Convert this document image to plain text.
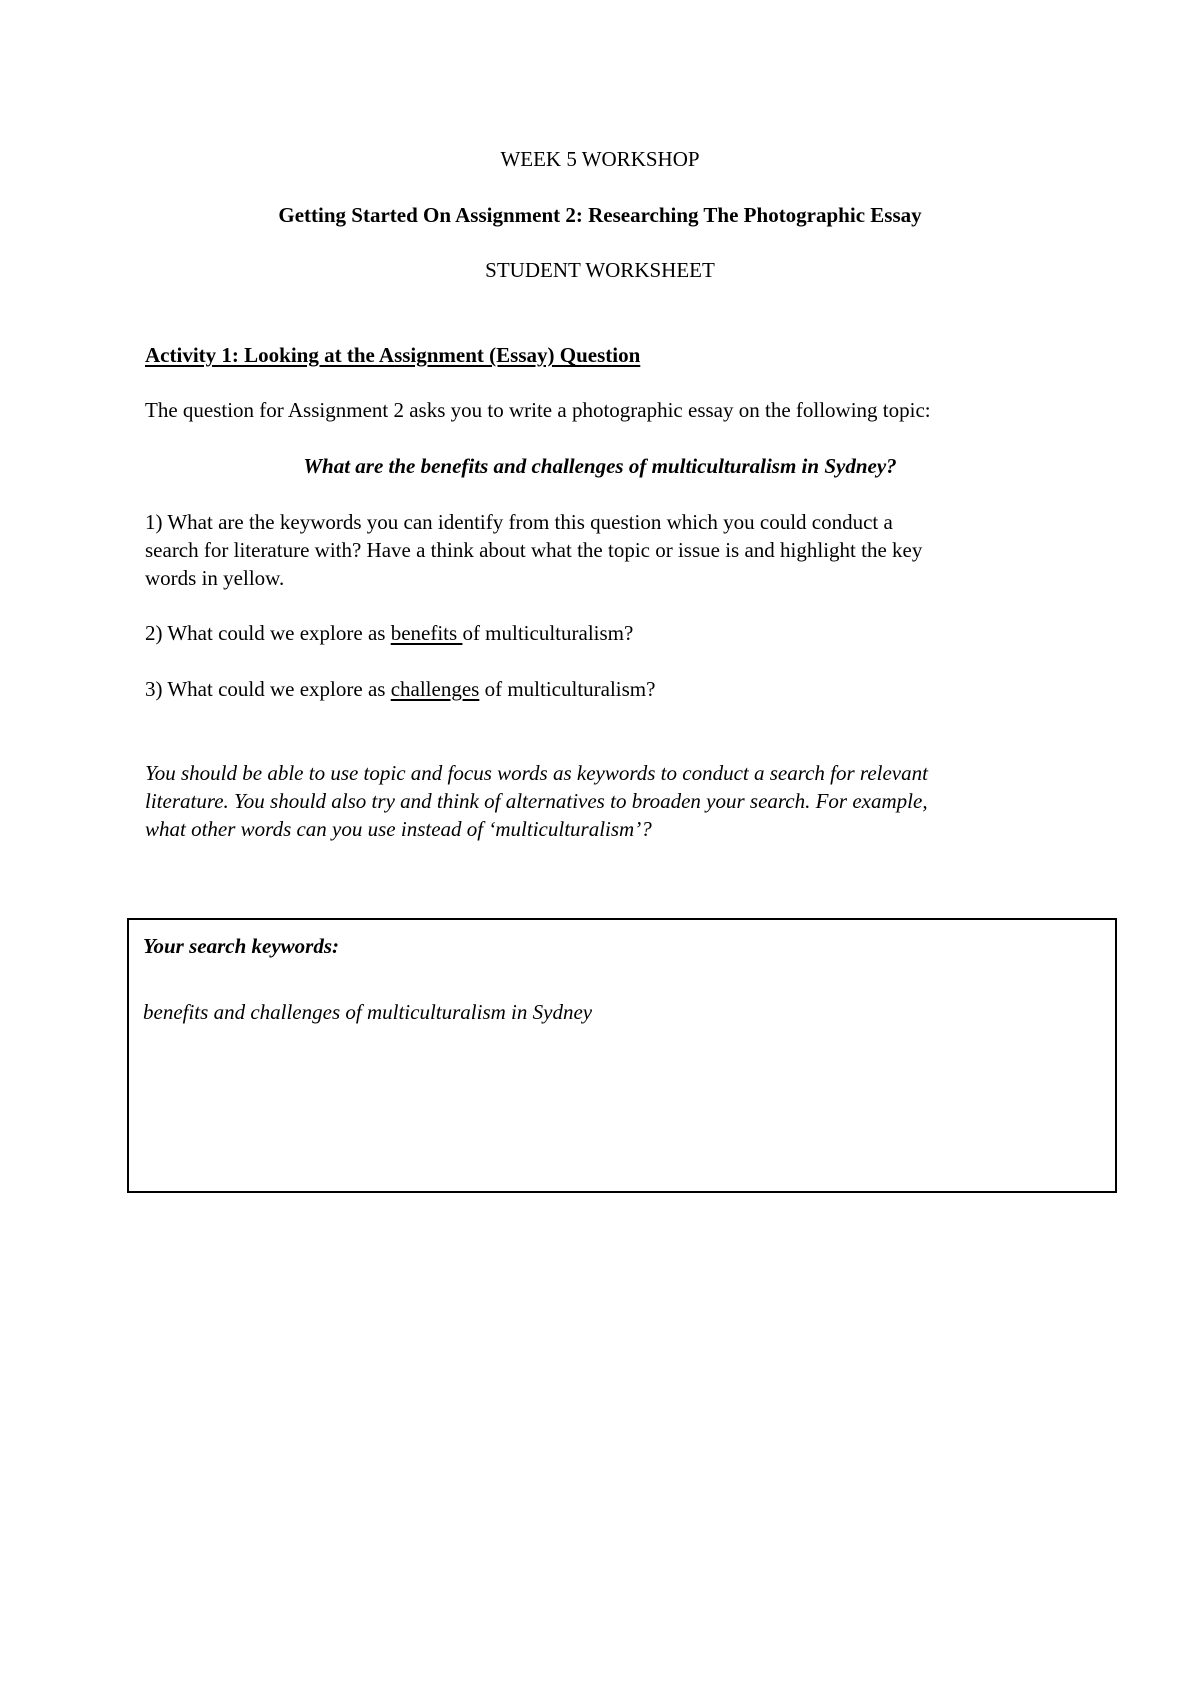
WEEK 5 WORKSHOP
Getting Started On Assignment 2: Researching The Photographic Essay
STUDENT WORKSHEET
Activity 1: Looking at the Assignment (Essay) Question
The question for Assignment 2 asks you to write a photographic essay on the following topic:
What are the benefits and challenges of multiculturalism in Sydney?
1) What are the keywords you can identify from this question which you could conduct a
search for literature with? Have a think about what the topic or issue is and highlight the key
words in yellow.
2) What could we explore as benefits of multiculturalism?
3) What could we explore as challenges of multiculturalism?
You should be able to use topic and focus words as keywords to conduct a search for relevant
literature. You should also try and think of alternatives to broaden your search. For example,
what other words can you use instead of ‘multiculturalism’?
Your search keywords:
benefits and challenges of multiculturalism in Sydney
